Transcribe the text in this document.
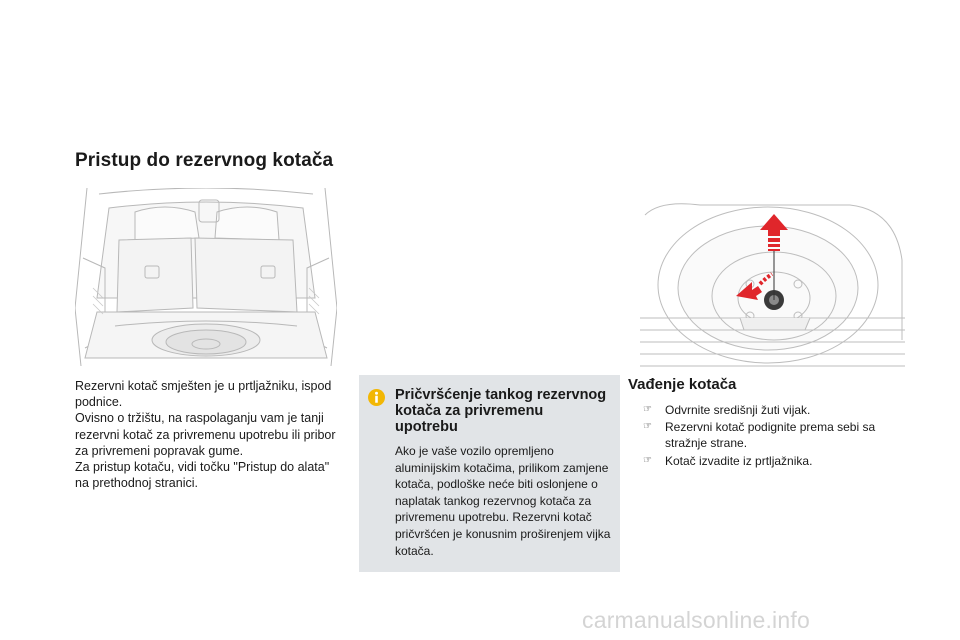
Pristup do rezervnog kotača

Rezervni kotač smješten je u prtljažniku, ispod podnice.

Ovisno o tržištu, na raspolaganju vam je tanji rezervni kotač za privremenu upotrebu ili pribor za privremeni popravak gume.

Za pristup kotaču, vidi točku "Pristup do alata" na prethodnoj stranici.

Pričvršćenje tankog rezervnog kotača za privremenu upotrebu

Ako je vaše vozilo opremljeno aluminijskim kotačima, prilikom zamjene kotača, podloške neće biti oslonjene o naplatak tankog rezervnog kotača za privremenu upotrebu. Rezervni kotač pričvršćen je konusnim proširenjem vijka kotača.

Vađenje kotača
☞ Odvrnite središnji žuti vijak.
☞ Rezervni kotač podignite prema sebi sa stražnje strane.
☞ Kotač izvadite iz prtljažnika.
carmanualsonline.info
